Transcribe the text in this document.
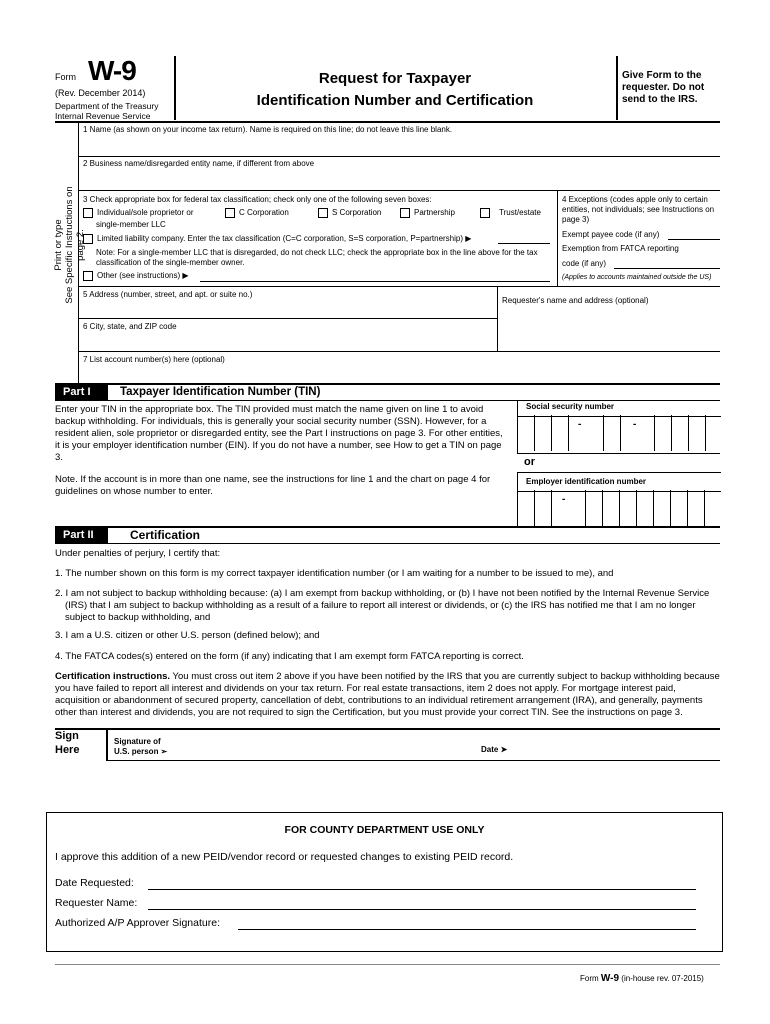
Form W-9
(Rev. December 2014)
Department of the Treasury
Internal Revenue Service
Request for Taxpayer
Identification Number and Certification
Give Form to the requester. Do not send to the IRS.
Print or type See Specific Instructions on page 2.
1 Name (as shown on your income tax return). Name is required on this line; do not leave this line blank.
2 Business name/disregarded entity name, if different from above
3 Check appropriate box for federal tax classification; check only one of the following seven boxes:
Individual/sole proprietor or
single-member LLC
C Corporation	S Corporation	Partnership	Trust/estate
Limited liability company. Enter the tax classification (C=C corporation, S=S corporation, P=partnership) ▶
Note: For a single-member LLC that is disregarded, do not check LLC; check the appropriate box in the line above for the tax classification of the single-member owner.
Other (see instructions) ▶
4 Exceptions (codes apple only to certain entities, not individuals; see Instructions on page 3)
Exempt payee code (if any)
Exemption from FATCA reporting
code (if any)
(Applies to accounts maintained outside the US)
5 Address (number, street, and apt. or suite no.)
Requester's name and address (optional)
6 City, state, and ZIP code
7 List account number(s) here (optional)
Part I	Taxpayer Identification Number (TIN)
Enter your TIN in the appropriate box. The TIN provided must match the name given on line 1 to avoid backup withholding. For individuals, this is generally your social security number (SSN). However, for a resident alien, sole proprietor or disregarded entity, see the Part I instructions on page 3. For other entities, it is your employer identification number (EIN). If you do not have a number, see How to get a TIN on page 3.
Note. If the account is in more than one name, see the instructions for line 1 and the chart on page 4 for guidelines on whose number to enter.
Social security number
-	-
or
Employer identification number
-
Part II	Certification
Under penalties of perjury, I certify that:
1. The number shown on this form is my correct taxpayer identification number (or I am waiting for a number to be issued to me), and
2. I am not subject to backup withholding because: (a) I am exempt from backup withholding, or (b) I have not been notified by the Internal Revenue Service (IRS) that I am subject to backup withholding as a result of a failure to report all interest or dividends, or (c) the IRS has notified me that I am no longer subject to backup withholding, and
3. I am a U.S. citizen or other U.S. person (defined below); and
4. The FATCA codes(s) entered on the form (if any) indicating that I am exempt form FATCA reporting is correct.
Certification instructions. You must cross out item 2 above if you have been notified by the IRS that you are currently subject to backup withholding because you have failed to report all interest and dividends on your tax return. For real estate transactions, item 2 does not apply. For mortgage interest paid, acquisition or abandonment of secured property, cancellation of debt, contributions to an individual retirement arrangement (IRA), and generally, payments other than interest and dividends, you are not required to sign the Certification, but you must provide your correct TIN. See the instructions on page 3.
Sign
Here
Signature of
U.S. person ➢	Date ➤
FOR COUNTY DEPARTMENT USE ONLY
I approve this addition of a new PEID/vendor record or requested changes to existing PEID record.
Date Requested:
Requester Name:
Authorized A/P Approver Signature:
Form W-9 (in-house rev. 07-2015)
